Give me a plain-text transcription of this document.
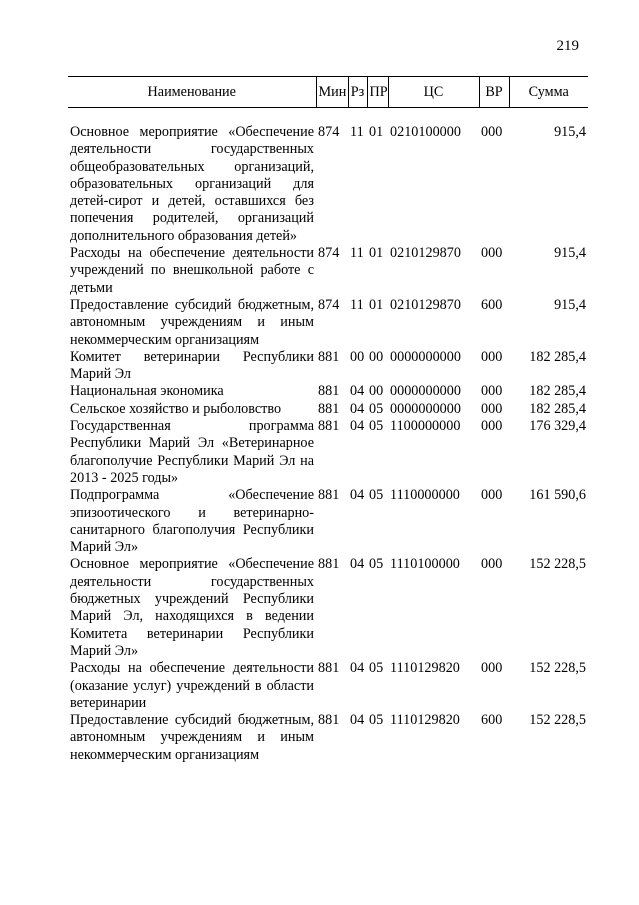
219
Наименование	Мин	Рз	ПР	ЦС	ВР	Сумма

Основное мероприятие «Обеспечение деятельности государственных общеобразовательных организаций, образовательных организаций для детей-сирот и детей, оставшихся без попечения родителей, организаций дополнительного образования детей»	874	11	01	0210100000	000	915,4
Расходы на обеспечение деятельности учреждений по внешкольной работе с детьми	874	11	01	0210129870	000	915,4
Предоставление субсидий бюджетным, автономным учреждениям и иным некоммерческим организациям	874	11	01	0210129870	600	915,4
Комитет ветеринарии Республики Марий Эл	881	00	00	0000000000	000	182 285,4
Национальная экономика	881	04	00	0000000000	000	182 285,4
Сельское хозяйство и рыболовство	881	04	05	0000000000	000	182 285,4
Государственная программа Республики Марий Эл «Ветеринарное благополучие Республики Марий Эл на 2013 - 2025 годы»	881	04	05	1100000000	000	176 329,4
Подпрограмма «Обеспечение эпизоотического и ветеринарно-санитарного благополучия Республики Марий Эл»	881	04	05	1110000000	000	161 590,6
Основное мероприятие «Обеспечение деятельности государственных бюджетных учреждений Республики Марий Эл, находящихся в ведении Комитета ветеринарии Республики Марий Эл»	881	04	05	1110100000	000	152 228,5
Расходы на обеспечение деятельности (оказание услуг) учреждений в области ветеринарии	881	04	05	1110129820	000	152 228,5
Предоставление субсидий бюджетным, автономным учреждениям и иным некоммерческим организациям	881	04	05	1110129820	600	152 228,5
